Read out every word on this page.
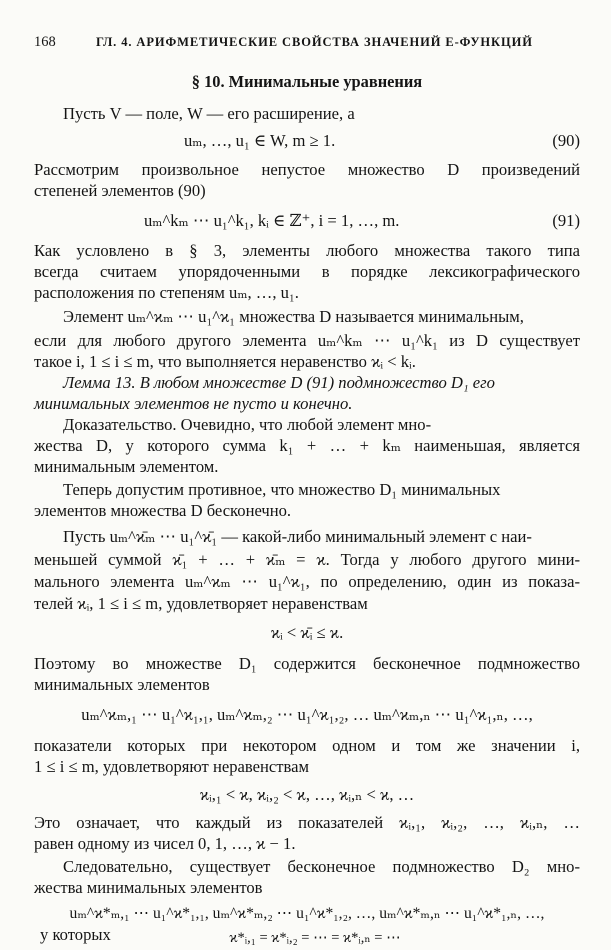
168	ГЛ. 4. АРИФМЕТИЧЕСКИЕ СВОЙСТВА ЗНАЧЕНИЙ E-ФУНКЦИЙ
§ 10. Минимальные уравнения
Пусть V — поле, W — его расширение, а
uₘ, …, u₁ ∈ W, m ≥ 1.	(90)
Рассмотрим произвольное непустое множество D произведений
степеней элементов (90)
uₘ^kₘ ⋯ u₁^k₁, kᵢ ∈ ℤ⁺, i = 1, …, m.	(91)
Как условлено в § 3, элементы любого множества такого типа
всегда считаем упорядоченными в порядке лексикографического
расположения по степеням uₘ, …, u₁.
Элемент uₘ^ϰₘ ⋯ u₁^ϰ₁ множества D называется минимальным,
если для любого другого элемента uₘ^kₘ ⋯ u₁^k₁ из D существует
такое i, 1 ≤ i ≤ m, что выполняется неравенство ϰᵢ < kᵢ.
Лемма 13. В любом множестве D (91) подмножество D₁ его
минимальных элементов не пусто и конечно.
Доказательство. Очевидно, что любой элемент мно-
жества D, у которого сумма k₁ + … + kₘ наименьшая, является
минимальным элементом.
Теперь допустим противное, что множество D₁ минимальных
элементов множества D бесконечно.
Пусть uₘ^ϰ̄ₘ ⋯ u₁^ϰ̄₁ — какой-либо минимальный элемент с наи-
меньшей суммой ϰ̄₁ + … + ϰ̄ₘ = ϰ. Тогда у любого другого мини-
мального элемента uₘ^ϰₘ ⋯ u₁^ϰ₁, по определению, один из показа-
телей ϰᵢ, 1 ≤ i ≤ m, удовлетворяет неравенствам
ϰᵢ < ϰ̄ᵢ ≤ ϰ.
Поэтому во множестве D₁ содержится бесконечное подмножество
минимальных элементов
uₘ^ϰₘ,₁ ⋯ u₁^ϰ₁,₁, uₘ^ϰₘ,₂ ⋯ u₁^ϰ₁,₂, … uₘ^ϰₘ,ₙ ⋯ u₁^ϰ₁,ₙ, …,
показатели которых при некотором одном и том же значении i,
1 ≤ i ≤ m, удовлетворяют неравенствам
ϰᵢ,₁ < ϰ, ϰᵢ,₂ < ϰ, …, ϰᵢ,ₙ < ϰ, …
Это означает, что каждый из показателей ϰᵢ,₁, ϰᵢ,₂, …, ϰᵢ,ₙ, …
равен одному из чисел 0, 1, …, ϰ − 1.
Следовательно, существует бесконечное подмножество D₂ мно-
жества минимальных элементов
uₘ^ϰ*ₘ,₁ ⋯ u₁^ϰ*₁,₁, uₘ^ϰ*ₘ,₂ ⋯ u₁^ϰ*₁,₂, …, uₘ^ϰ*ₘ,ₙ ⋯ u₁^ϰ*₁,ₙ, …,
у которых	ϰ*ᵢ,₁ = ϰ*ᵢ,₂ = ⋯ = ϰ*ᵢ,ₙ = ⋯
